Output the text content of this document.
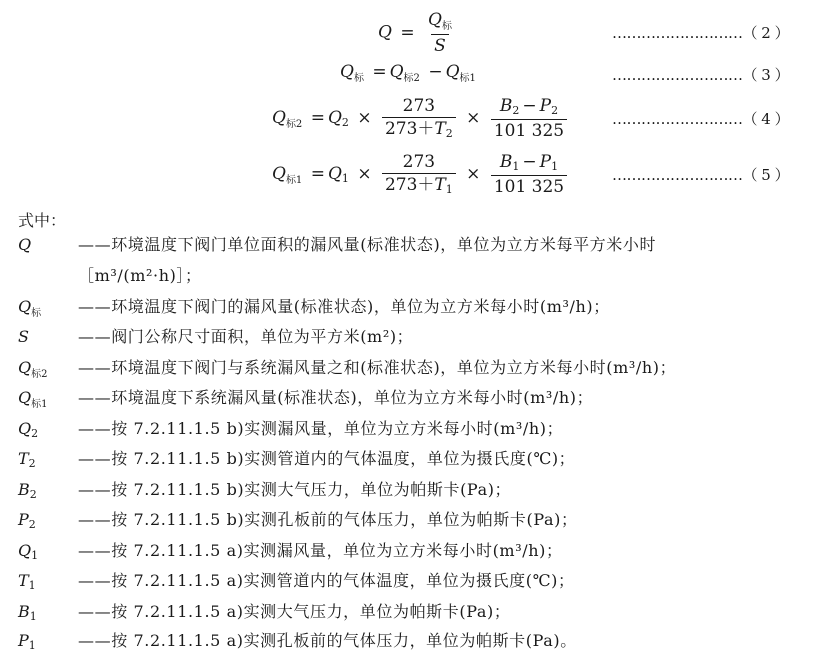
$Q = \frac{Q_标}{S}$	………………………（ 2 ）
$Q_标 = Q_{标2} - Q_{标1}$	………………………（ 3 ）
$Q_{标2} = Q2 \times \frac{273}{273+T2} \times \frac{B2 - P2}{101 325}$	………………………（ 4 ）
$Q_{标1} = Q1 \times \frac{273}{273+T1} \times \frac{B1 - P1}{101 325}$	………………………（ 5 ）
式中：
Q	——环境温度下阀门单位面积的漏风量(标准状态)，单位为立方米每平方米小时
［m³/(m²·h)］；
$Q_标$ ——环境温度下阀门的漏风量(标准状态)，单位为立方米每小时(m³/h)；
S	——阀门公称尺寸面积，单位为平方米(m²)；
$Q_{标2}$ ——环境温度下阀门与系统漏风量之和(标准状态)，单位为立方米每小时(m³/h)；
$Q_{标1}$ ——环境温度下系统漏风量(标准状态)，单位为立方米每小时(m³/h)；
Q2 ——按 7.2.11.1.5 b)实测漏风量，单位为立方米每小时(m³/h)；
T2	——按 7.2.11.1.5 b)实测管道内的气体温度，单位为摄氏度(℃)；
B2	——按 7.2.11.1.5 b)实测大气压力，单位为帕斯卡(Pa)；
P2	——按 7.2.11.1.5 b)实测孔板前的气体压力，单位为帕斯卡(Pa)；
Q1 ——按 7.2.11.1.5 a)实测漏风量，单位为立方米每小时(m³/h)；
T1	——按 7.2.11.1.5 a)实测管道内的气体温度，单位为摄氏度(℃)；
B1	——按 7.2.11.1.5 a)实测大气压力，单位为帕斯卡(Pa)；
P1	——按 7.2.11.1.5 a)实测孔板前的气体压力，单位为帕斯卡(Pa)。
